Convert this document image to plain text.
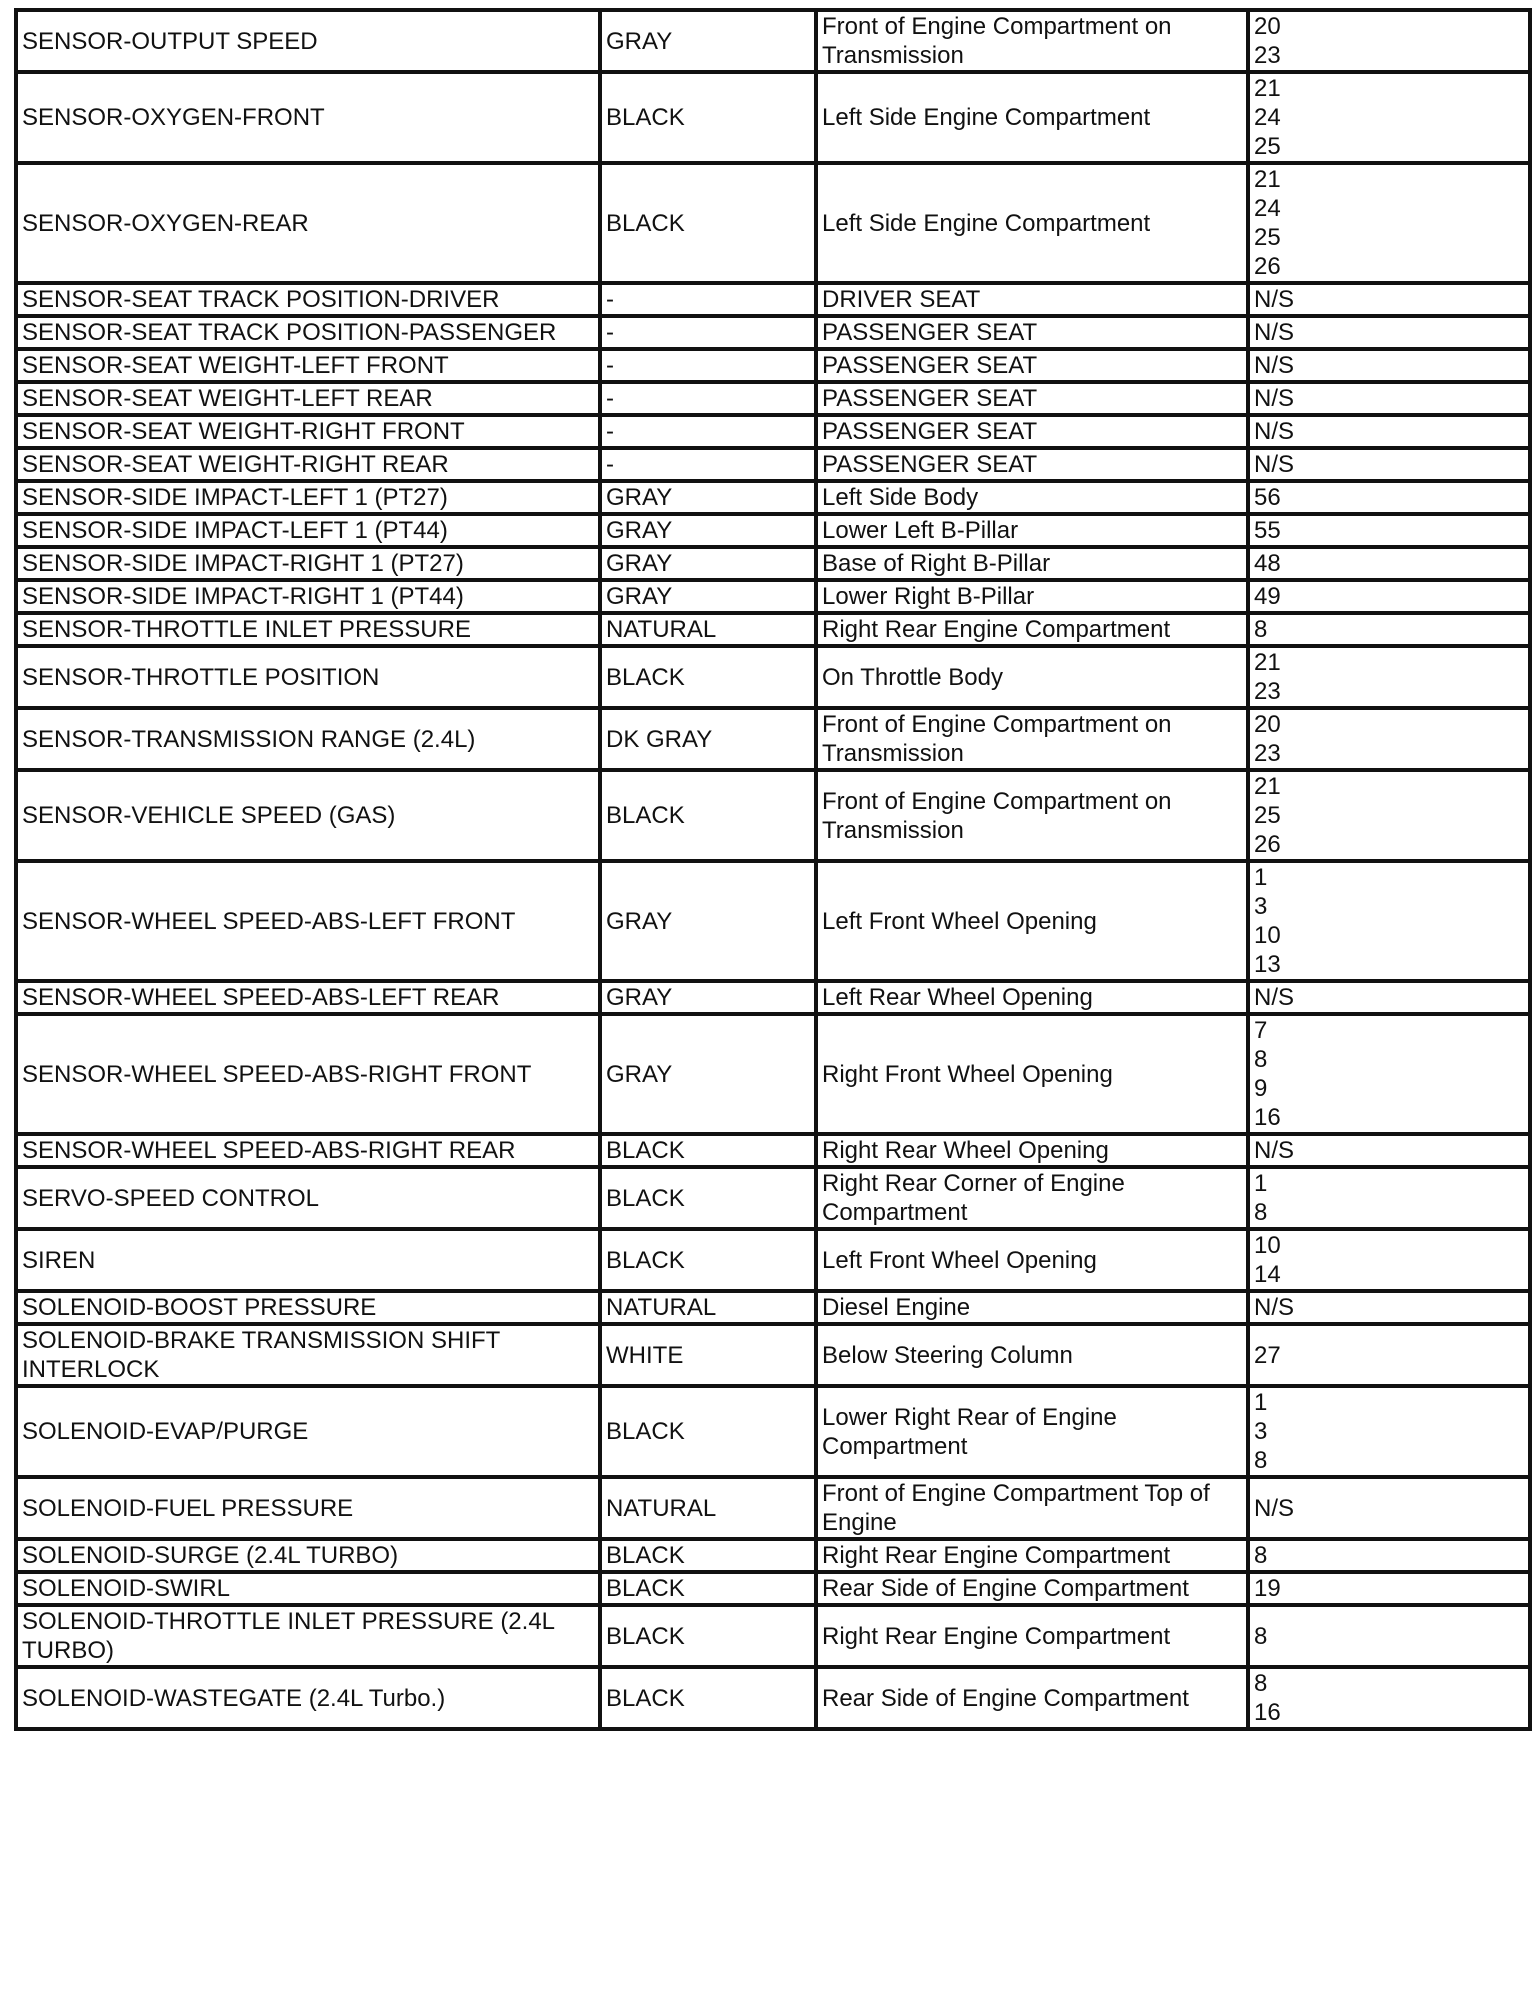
SENSOR-OUTPUT SPEED	GRAY	Front of Engine Compartment on Transmission	20
23

SENSOR-OXYGEN-FRONT	BLACK	Left Side Engine Compartment	21
24
25

SENSOR-OXYGEN-REAR	BLACK	Left Side Engine Compartment	21
24
25
26

SENSOR-SEAT TRACK POSITION-DRIVER	-	DRIVER SEAT	N/S

SENSOR-SEAT TRACK POSITION-PASSENGER	-	PASSENGER SEAT	N/S

SENSOR-SEAT WEIGHT-LEFT FRONT	-	PASSENGER SEAT	N/S

SENSOR-SEAT WEIGHT-LEFT REAR	-	PASSENGER SEAT	N/S

SENSOR-SEAT WEIGHT-RIGHT FRONT	-	PASSENGER SEAT	N/S

SENSOR-SEAT WEIGHT-RIGHT REAR	-	PASSENGER SEAT	N/S

SENSOR-SIDE IMPACT-LEFT 1 (PT27)	GRAY	Left Side Body	56

SENSOR-SIDE IMPACT-LEFT 1 (PT44)	GRAY	Lower Left B-Pillar	55

SENSOR-SIDE IMPACT-RIGHT 1 (PT27)	GRAY	Base of Right B-Pillar	48

SENSOR-SIDE IMPACT-RIGHT 1 (PT44)	GRAY	Lower Right B-Pillar	49

SENSOR-THROTTLE INLET PRESSURE	NATURAL	Right Rear Engine Compartment	8

SENSOR-THROTTLE POSITION	BLACK	On Throttle Body	21
23

SENSOR-TRANSMISSION RANGE (2.4L)	DK GRAY	Front of Engine Compartment on Transmission	20
23

SENSOR-VEHICLE SPEED (GAS)	BLACK	Front of Engine Compartment on Transmission	21
25
26

SENSOR-WHEEL SPEED-ABS-LEFT FRONT	GRAY	Left Front Wheel Opening	1
3
10
13

SENSOR-WHEEL SPEED-ABS-LEFT REAR	GRAY	Left Rear Wheel Opening	N/S

SENSOR-WHEEL SPEED-ABS-RIGHT FRONT	GRAY	Right Front Wheel Opening	7
8
9
16

SENSOR-WHEEL SPEED-ABS-RIGHT REAR	BLACK	Right Rear Wheel Opening	N/S

SERVO-SPEED CONTROL	BLACK	Right Rear Corner of Engine Compartment	1
8

SIREN	BLACK	Left Front Wheel Opening	10
14

SOLENOID-BOOST PRESSURE	NATURAL	Diesel Engine	N/S

SOLENOID-BRAKE TRANSMISSION SHIFT INTERLOCK	WHITE	Below Steering Column	27

SOLENOID-EVAP/PURGE	BLACK	Lower Right Rear of Engine Compartment	1
3
8

SOLENOID-FUEL PRESSURE	NATURAL	Front of Engine Compartment Top of Engine	N/S

SOLENOID-SURGE (2.4L TURBO)	BLACK	Right Rear Engine Compartment	8

SOLENOID-SWIRL	BLACK	Rear Side of Engine Compartment	19

SOLENOID-THROTTLE INLET PRESSURE (2.4L TURBO)	BLACK	Right Rear Engine Compartment	8

SOLENOID-WASTEGATE (2.4L Turbo.)	BLACK	Rear Side of Engine Compartment	8
16
